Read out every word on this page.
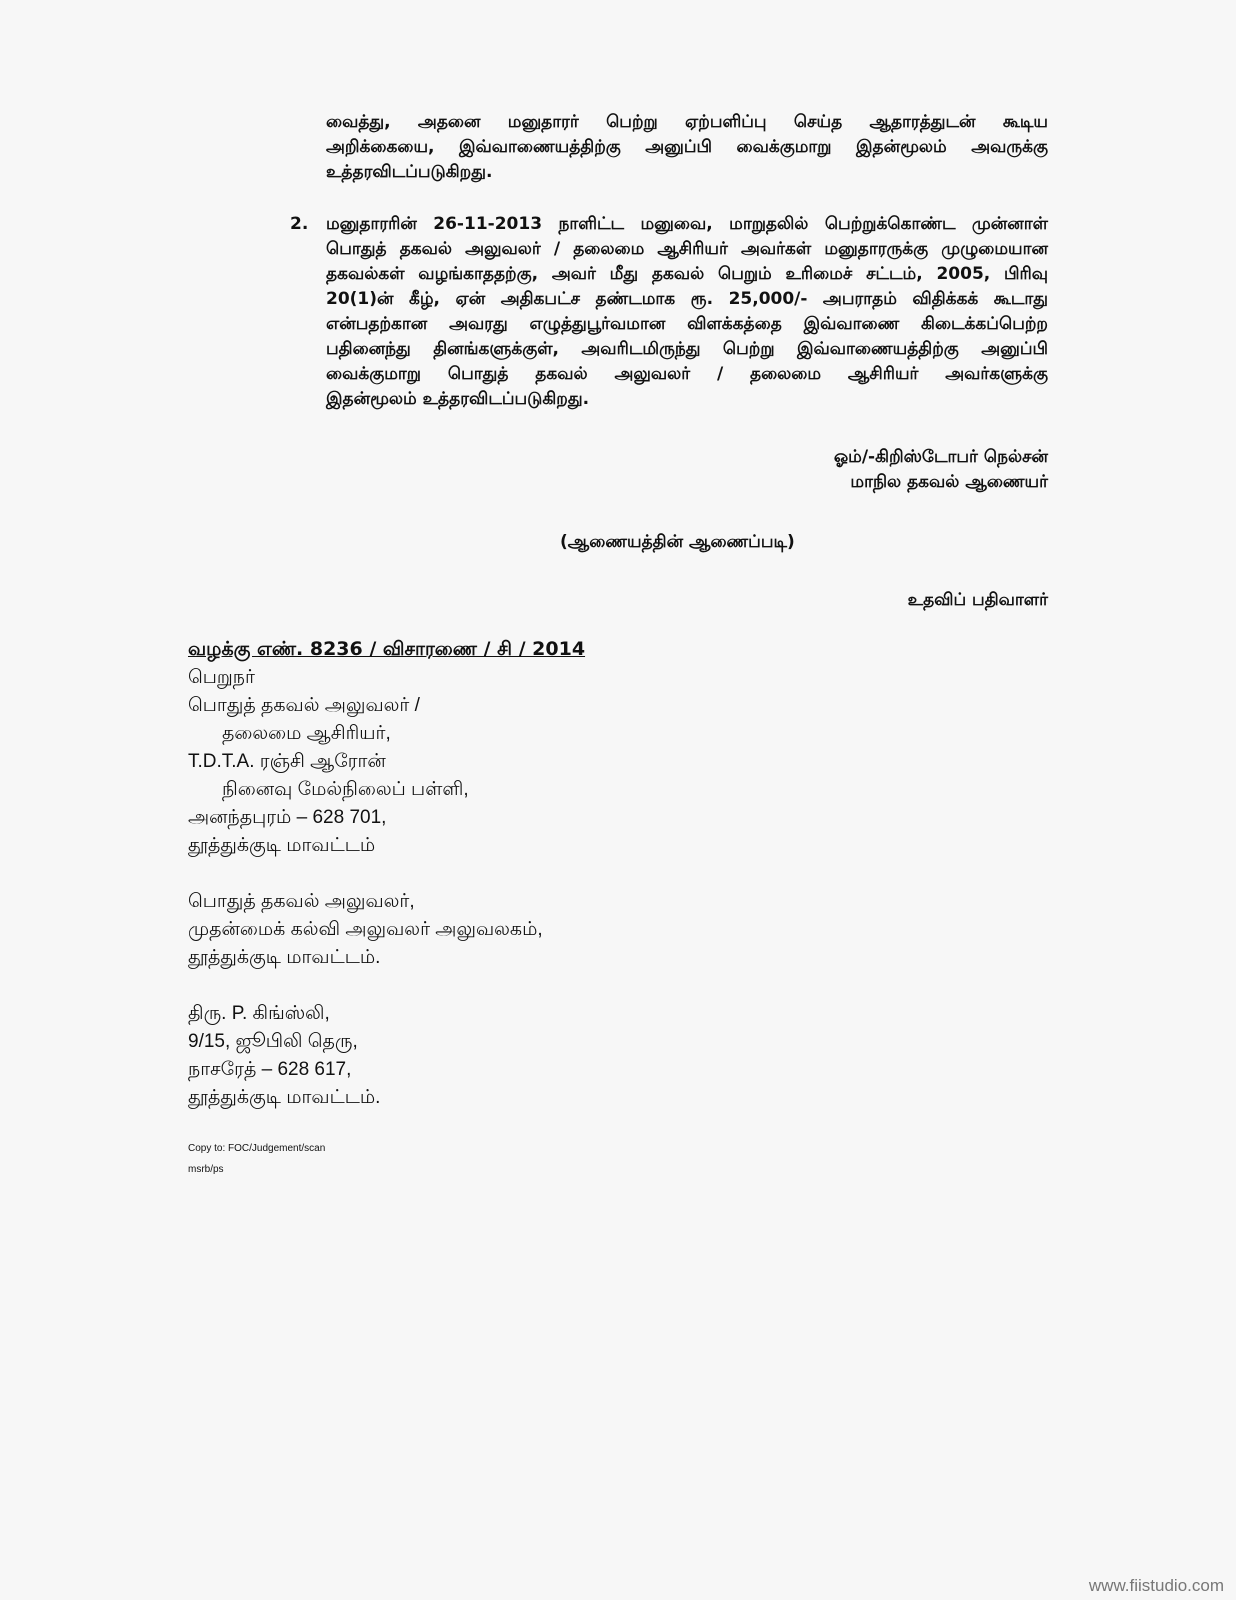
வைத்து, அதனை மனுதாரர் பெற்று ஏற்பளிப்பு செய்த ஆதாரத்துடன் கூடிய
அறிக்கையை, இவ்வாணையத்திற்கு அனுப்பி வைக்குமாறு இதன்மூலம் அவருக்கு
உத்தரவிடப்படுகிறது.
2. மனுதாரரின் 26-11-2013 நாளிட்ட மனுவை, மாறுதலில் பெற்றுக்கொண்ட முன்னாள்
பொதுத் தகவல் அலுவலர் / தலைமை ஆசிரியர் அவர்கள் மனுதாரருக்கு முழுமையான
தகவல்கள் வழங்காததற்கு, அவர் மீது தகவல் பெறும் உரிமைச் சட்டம், 2005, பிரிவு
20(1)ன் கீழ், ஏன் அதிகபட்ச தண்டமாக ரூ. 25,000/- அபராதம் விதிக்கக் கூடாது
என்பதற்கான அவரது எழுத்துபூர்வமான விளக்கத்தை இவ்வாணை கிடைக்கப்பெற்ற
பதினைந்து தினங்களுக்குள், அவரிடமிருந்து பெற்று இவ்வாணையத்திற்கு அனுப்பி
வைக்குமாறு பொதுத் தகவல் அலுவலர் / தலைமை ஆசிரியர் அவர்களுக்கு
இதன்மூலம் உத்தரவிடப்படுகிறது.
ஓம்/-கிறிஸ்டோபர் நெல்சன்
மாநில தகவல் ஆணையர்
(ஆணையத்தின் ஆணைப்படி)
உதவிப் பதிவாளர்
வழக்கு எண். 8236 / விசாரணை / சி / 2014
பெறுநர்
பொதுத் தகவல் அலுவலர் /
தலைமை ஆசிரியர்,
T.D.T.A. ரஞ்சி ஆரோன்
நினைவு மேல்நிலைப் பள்ளி,
அனந்தபுரம் – 628 701,
தூத்துக்குடி மாவட்டம்
பொதுத் தகவல் அலுவலர்,
முதன்மைக் கல்வி அலுவலர் அலுவலகம்,
தூத்துக்குடி மாவட்டம்.
திரு. P. கிங்ஸ்லி,
9/15, ஜூபிலி தெரு,
நாசரேத் – 628 617,
தூத்துக்குடி மாவட்டம்.
Copy to: FOC/Judgement/scan
msrb/ps
www.fiistudio.com
